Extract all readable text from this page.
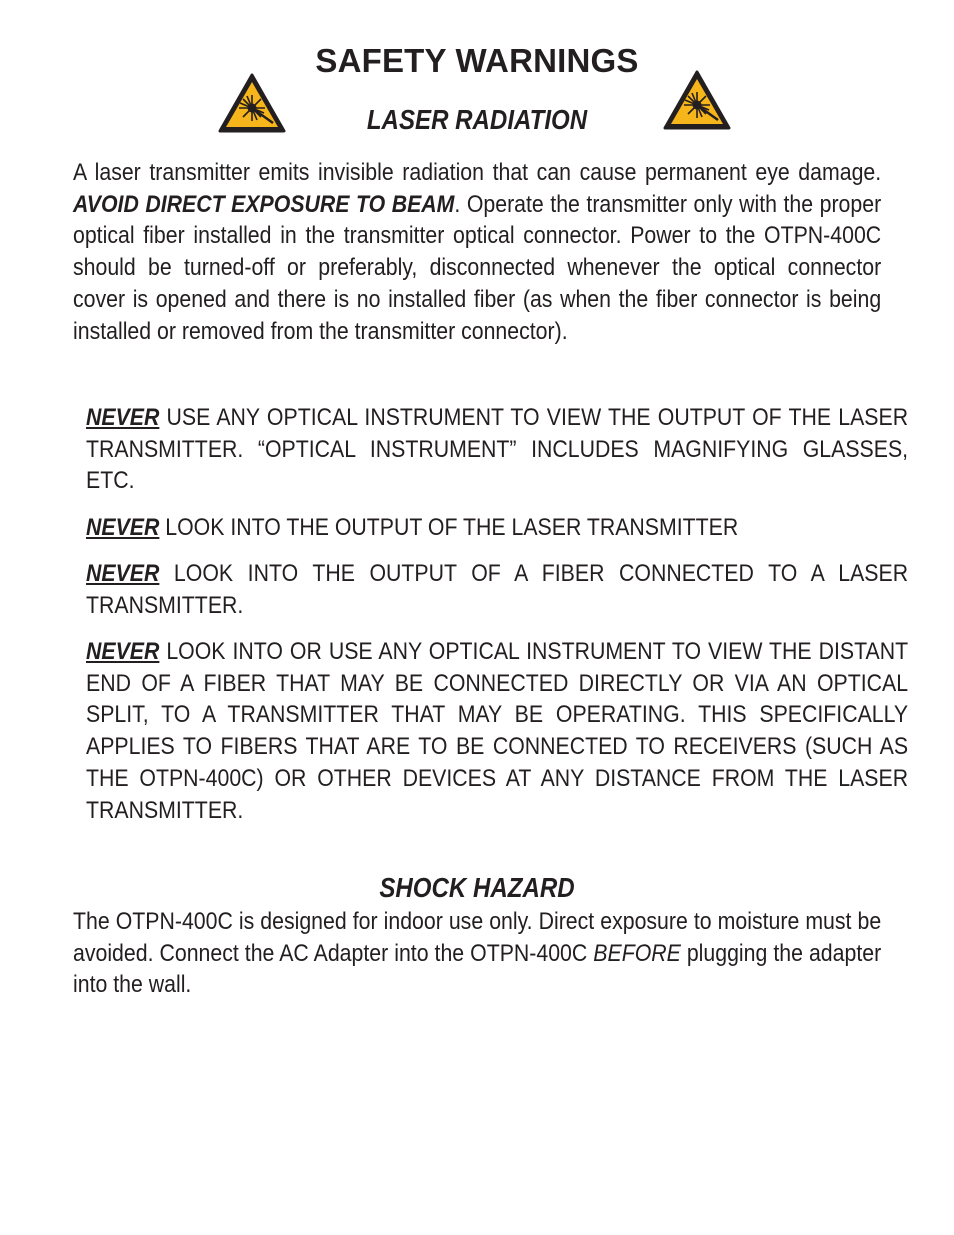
SAFETY WARNINGS
LASER RADIATION

A laser transmitter emits invisible radiation that can cause permanent eye damage. AVOID DIRECT EXPOSURE TO BEAM. Operate the transmitter only with the proper optical fiber installed in the transmitter optical connector. Power to the OTPN-400C should be turned-off or preferably, disconnected whenever the optical connector cover is opened and there is no installed fiber (as when the fiber connector is being installed or removed from the transmitter connector).

NEVER USE ANY OPTICAL INSTRUMENT TO VIEW THE OUTPUT OF THE LASER TRANSMITTER. “OPTICAL INSTRUMENT” INCLUDES MAGNIFYING GLASSES, ETC.

NEVER LOOK INTO THE OUTPUT OF THE LASER TRANSMITTER

NEVER LOOK INTO THE OUTPUT OF A FIBER CONNECTED TO A LASER TRANSMITTER.

NEVER LOOK INTO OR USE ANY OPTICAL INSTRUMENT TO VIEW THE DISTANT END OF A FIBER THAT MAY BE CONNECTED DIRECTLY OR VIA AN OPTICAL SPLIT, TO A TRANSMITTER THAT MAY BE OPERATING. THIS SPECIFICALLY APPLIES TO FIBERS THAT ARE TO BE CONNECTED TO RECEIVERS (SUCH AS THE OTPN-400C) OR OTHER DEVICES AT ANY DISTANCE FROM THE LASER TRANSMITTER.

SHOCK HAZARD

The OTPN-400C is designed for indoor use only. Direct exposure to moisture must be avoided. Connect the AC Adapter into the OTPN-400C BEFORE plugging the adapter into the wall.
